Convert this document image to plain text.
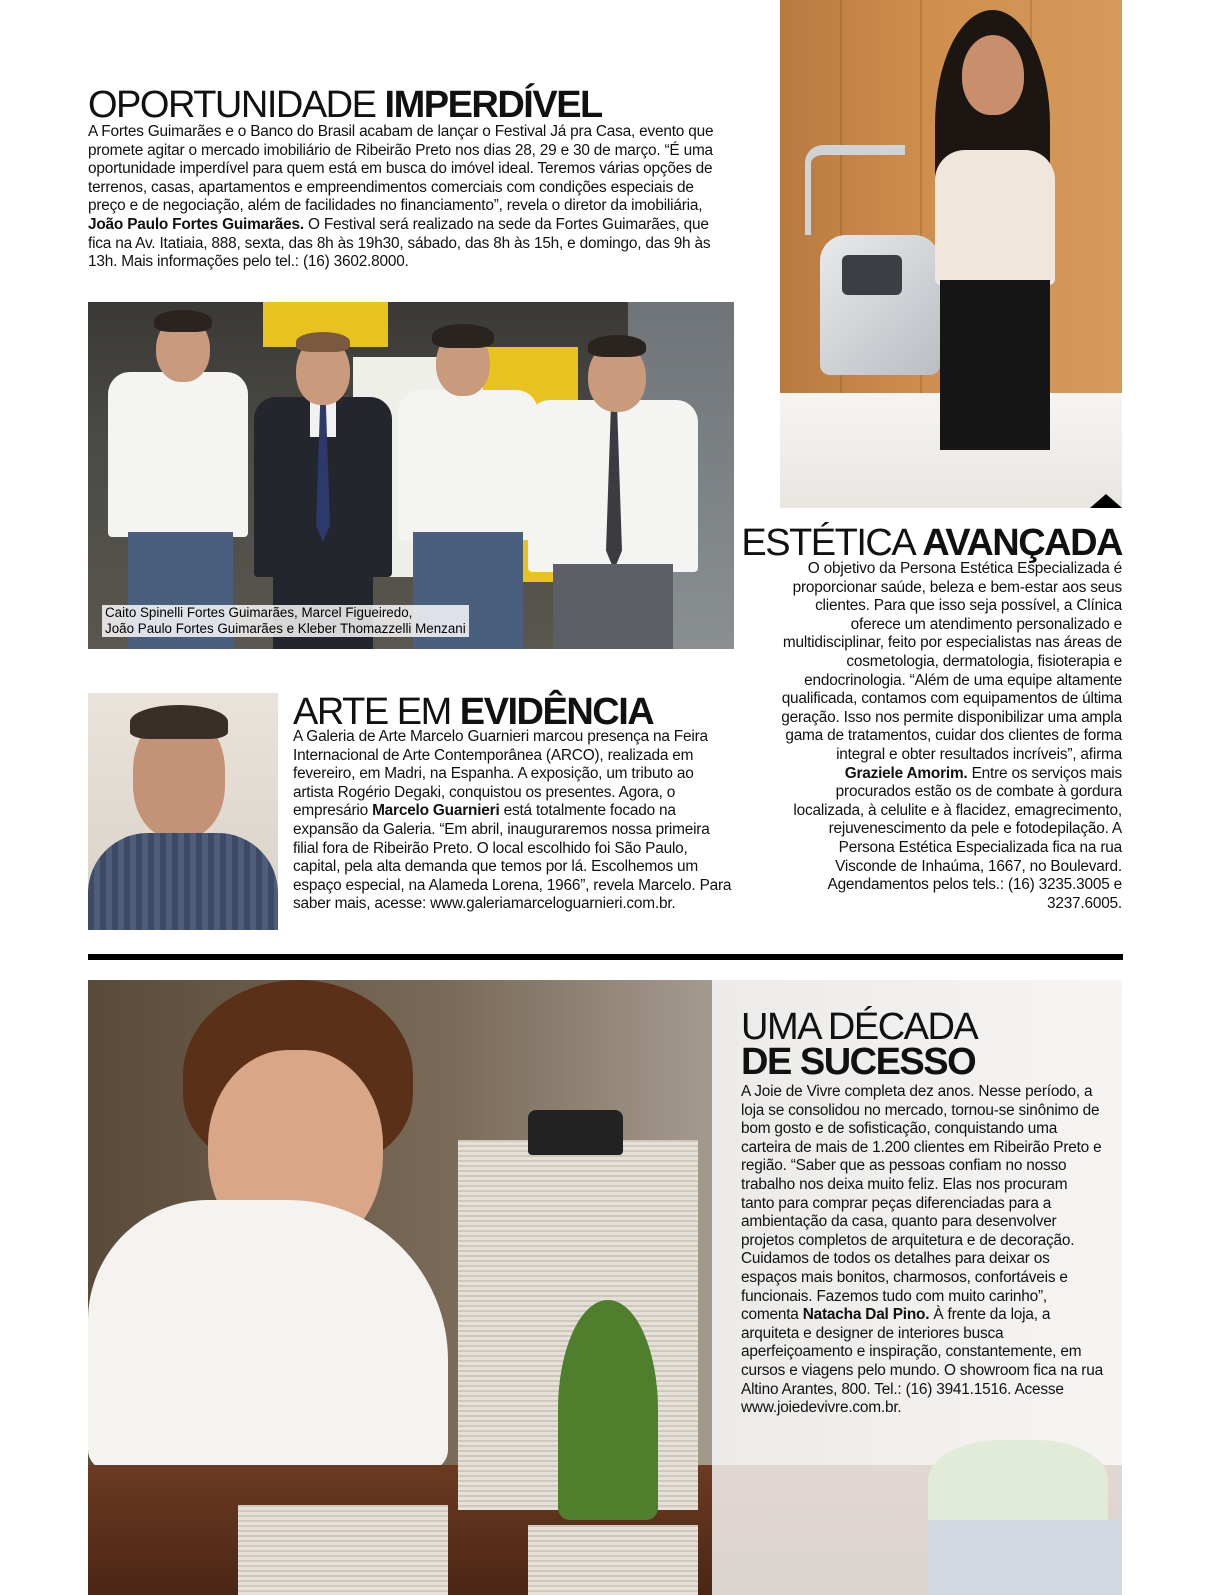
OPORTUNIDADE IMPERDÍVEL
A Fortes Guimarães e o Banco do Brasil acabam de lançar o Festival Já pra Casa, evento que promete agitar o mercado imobiliário de Ribeirão Preto nos dias 28, 29 e 30 de março. “É uma oportunidade imperdível para quem está em busca do imóvel ideal. Teremos várias opções de terrenos, casas, apartamentos e empreendimentos comerciais com condições especiais de preço e de negociação, além de facilidades no financiamento”, revela o diretor da imobiliária, João Paulo Fortes Guimarães. O Festival será realizado na sede da Fortes Guimarães, que fica na Av. Itatiaia, 888, sexta, das 8h às 19h30, sábado, das 8h às 15h, e domingo, das 9h às 13h. Mais informações pelo tel.: (16) 3602.8000.
Caito Spinelli Fortes Guimarães, Marcel Figueiredo,
João Paulo Fortes Guimarães e Kleber Thomazzelli Menzani
ESTÉTICA AVANÇADA
O objetivo da Persona Estética Especializada é proporcionar saúde, beleza e bem-estar aos seus clientes. Para que isso seja possível, a Clínica oferece um atendimento personalizado e multidisciplinar, feito por especialistas nas áreas de cosmetologia, dermatologia, fisioterapia e endocrinologia. “Além de uma equipe altamente qualificada, contamos com equipamentos de última geração. Isso nos permite disponibilizar uma ampla gama de tratamentos, cuidar dos clientes de forma integral e obter resultados incríveis”, afirma Graziele Amorim. Entre os serviços mais procurados estão os de combate à gordura localizada, à celulite e à flacidez, emagrecimento, rejuvenescimento da pele e fotodepilação. A Persona Estética Especializada fica na rua Visconde de Inhaúma, 1667, no Boulevard. Agendamentos pelos tels.: (16) 3235.3005 e 3237.6005.
ARTE EM EVIDÊNCIA
A Galeria de Arte Marcelo Guarnieri marcou presença na Feira Internacional de Arte Contemporânea (ARCO), realizada em fevereiro, em Madri, na Espanha. A exposição, um tributo ao artista Rogério Degaki, conquistou os presentes. Agora, o empresário Marcelo Guarnieri está totalmente focado na expansão da Galeria. “Em abril, inauguraremos nossa primeira filial fora de Ribeirão Preto. O local escolhido foi São Paulo, capital, pela alta demanda que temos por lá. Escolhemos um espaço especial, na Alameda Lorena, 1966”, revela Marcelo. Para saber mais, acesse: www.galeriamarceloguarnieri.com.br.
UMA DÉCADA
DE SUCESSO
A Joie de Vivre completa dez anos. Nesse período, a loja se consolidou no mercado, tornou-se sinônimo de bom gosto e de sofisticação, conquistando uma carteira de mais de 1.200 clientes em Ribeirão Preto e região. “Saber que as pessoas confiam no nosso trabalho nos deixa muito feliz. Elas nos procuram tanto para comprar peças diferenciadas para a ambientação da casa, quanto para desenvolver projetos completos de arquitetura e de decoração. Cuidamos de todos os detalhes para deixar os espaços mais bonitos, charmosos, confortáveis e funcionais. Fazemos tudo com muito carinho”, comenta Natacha Dal Pino. À frente da loja, a arquiteta e designer de interiores busca aperfeiçoamento e inspiração, constantemente, em cursos e viagens pelo mundo. O showroom fica na rua Altino Arantes, 800. Tel.: (16) 3941.1516. Acesse www.joiedevivre.com.br.
